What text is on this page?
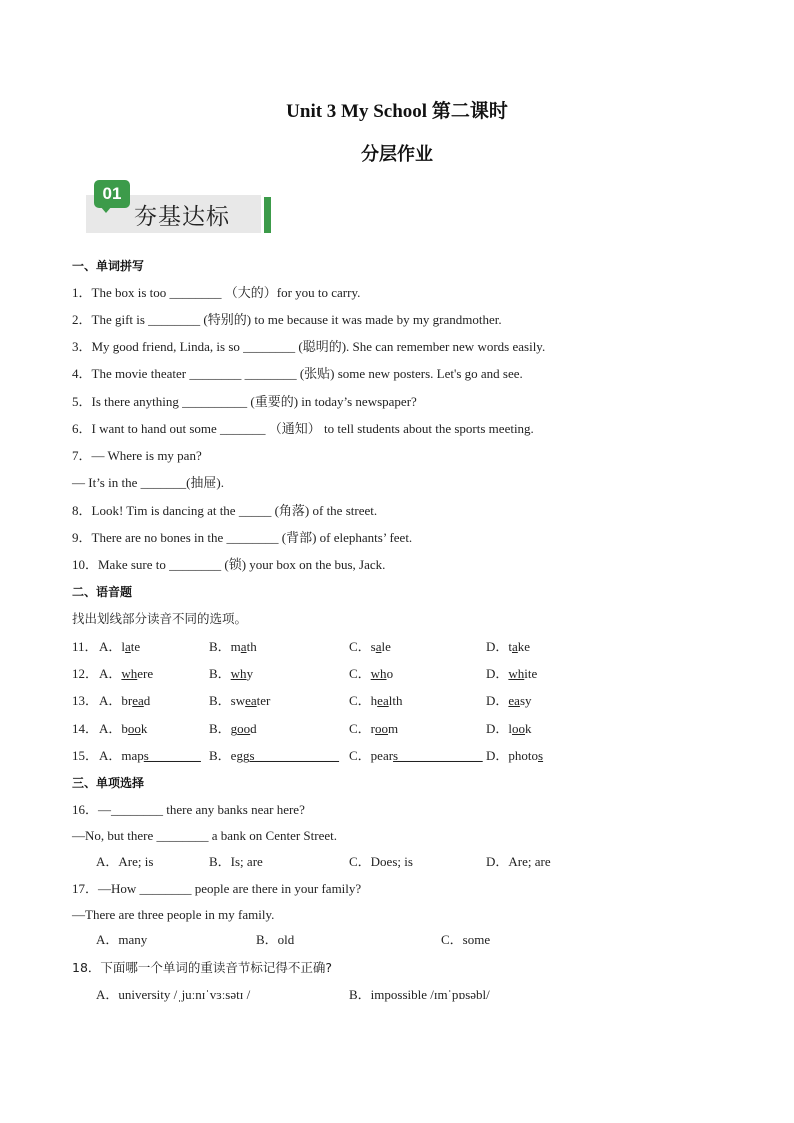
Unit 3 My School 第二课时
分层作业
01
夯基达标
一、单词拼写
1．The box is too ________ （大的）for you to carry.
2．The gift is ________ (特别的) to me because it was made by my grandmother.
3．My good friend, Linda, is so ________ (聪明的). She can remember new words easily.
4．The movie theater ________ ________ (张贴) some new posters. Let's go and see.
5．Is there anything __________ (重要的) in today’s newspaper?
6．I want to hand out some _______ （通知） to tell students about the sports meeting.
7．— Where is my pan?
— It’s in the _______(抽屉).
8．Look! Tim is dancing at the _____ (角落) of the street.
9．There are no bones in the ________ (背部) of elephants’ feet.
10．Make sure to ________ (锁) your box on the bus, Jack.
二、语音题
找出划线部分读音不同的选项。
11． A．late	B．math	C．sale	D．take
12． A．where	B．why	C．who	D．white
13． A．bread	B．sweater	C．health	D．easy
14． A．book	B．good	C．room	D．look
15． A．maps________ B．eggs_____________ C．pears_____________ D．photos
三、单项选择
16．—________ there any banks near here?
—No, but there ________ a bank on Center Street.
A．Are; is	B．Is; are	C．Does; is	D．Are; are
17．—How ________ people are there in your family?
—There are three people in my family.
A．many	B．old	C．some
18．下面哪一个单词的重读音节标记得不正确?
A．university /ˌjuːnɪˈvɜːsətɪ /	B．impossible /ɪmˈpɒsəbl/
